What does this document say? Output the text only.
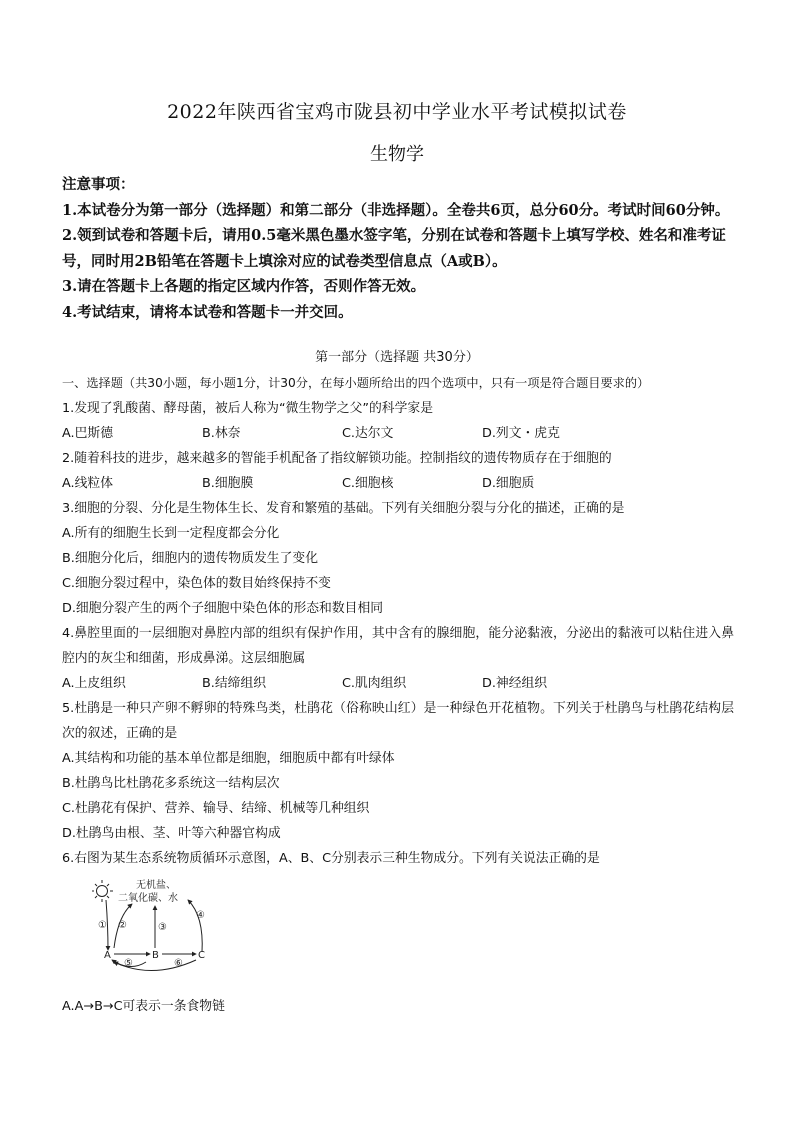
2022年陕西省宝鸡市陇县初中学业水平考试模拟试卷
生物学

注意事项：

1.本试卷分为第一部分（选择题）和第二部分（非选择题）。全卷共6页，总分60分。考试时间60分钟。

2.领到试卷和答题卡后，请用0.5毫米黑色墨水签字笔，分别在试卷和答题卡上填写学校、姓名和准考证号，同时用2B铅笔在答题卡上填涂对应的试卷类型信息点（A或B）。

3.请在答题卡上各题的指定区域内作答，否则作答无效。

4.考试结束，请将本试卷和答题卡一并交回。

第一部分（选择题 共30分）

一、选择题（共30小题，每小题1分，计30分，在每小题所给出的四个选项中，只有一项是符合题目要求的）

1.发现了乳酸菌、酵母菌，被后人称为“微生物学之父”的科学家是

A.巴斯德	B.林奈	C.达尔文	D.列文・虎克

2.随着科技的进步，越来越多的智能手机配备了指纹解锁功能。控制指纹的遗传物质存在于细胞的

A.线粒体	B.细胞膜	C.细胞核	D.细胞质

3.细胞的分裂、分化是生物体生长、发育和繁殖的基础。下列有关细胞分裂与分化的描述，正确的是

A.所有的细胞生长到一定程度都会分化

B.细胞分化后，细胞内的遗传物质发生了变化

C.细胞分裂过程中，染色体的数目始终保持不变

D.细胞分裂产生的两个子细胞中染色体的形态和数目相同

4.鼻腔里面的一层细胞对鼻腔内部的组织有保护作用，其中含有的腺细胞，能分泌黏液，分泌出的黏液可以粘住进入鼻腔内的灰尘和细菌，形成鼻涕。这层细胞属

A.上皮组织	B.结缔组织	C.肌肉组织	D.神经组织

5.杜鹃是一种只产卵不孵卵的特殊鸟类，杜鹃花（俗称映山红）是一种绿色开花植物。下列关于杜鹃鸟与杜鹃花结构层次的叙述，正确的是

A.其结构和功能的基本单位都是细胞，细胞质中都有叶绿体

B.杜鹃鸟比杜鹃花多系统这一结构层次

C.杜鹃花有保护、营养、输导、结缔、机械等几种组织

D.杜鹃鸟由根、茎、叶等六种器官构成

6.右图为某生态系统物质循环示意图，A、B、C分别表示三种生物成分。下列有关说法正确的是

无机盐、
二氧化碳、水
A	B	C
① ②	③
④
⑤	⑥
A.A→B→C可表示一条食物链
